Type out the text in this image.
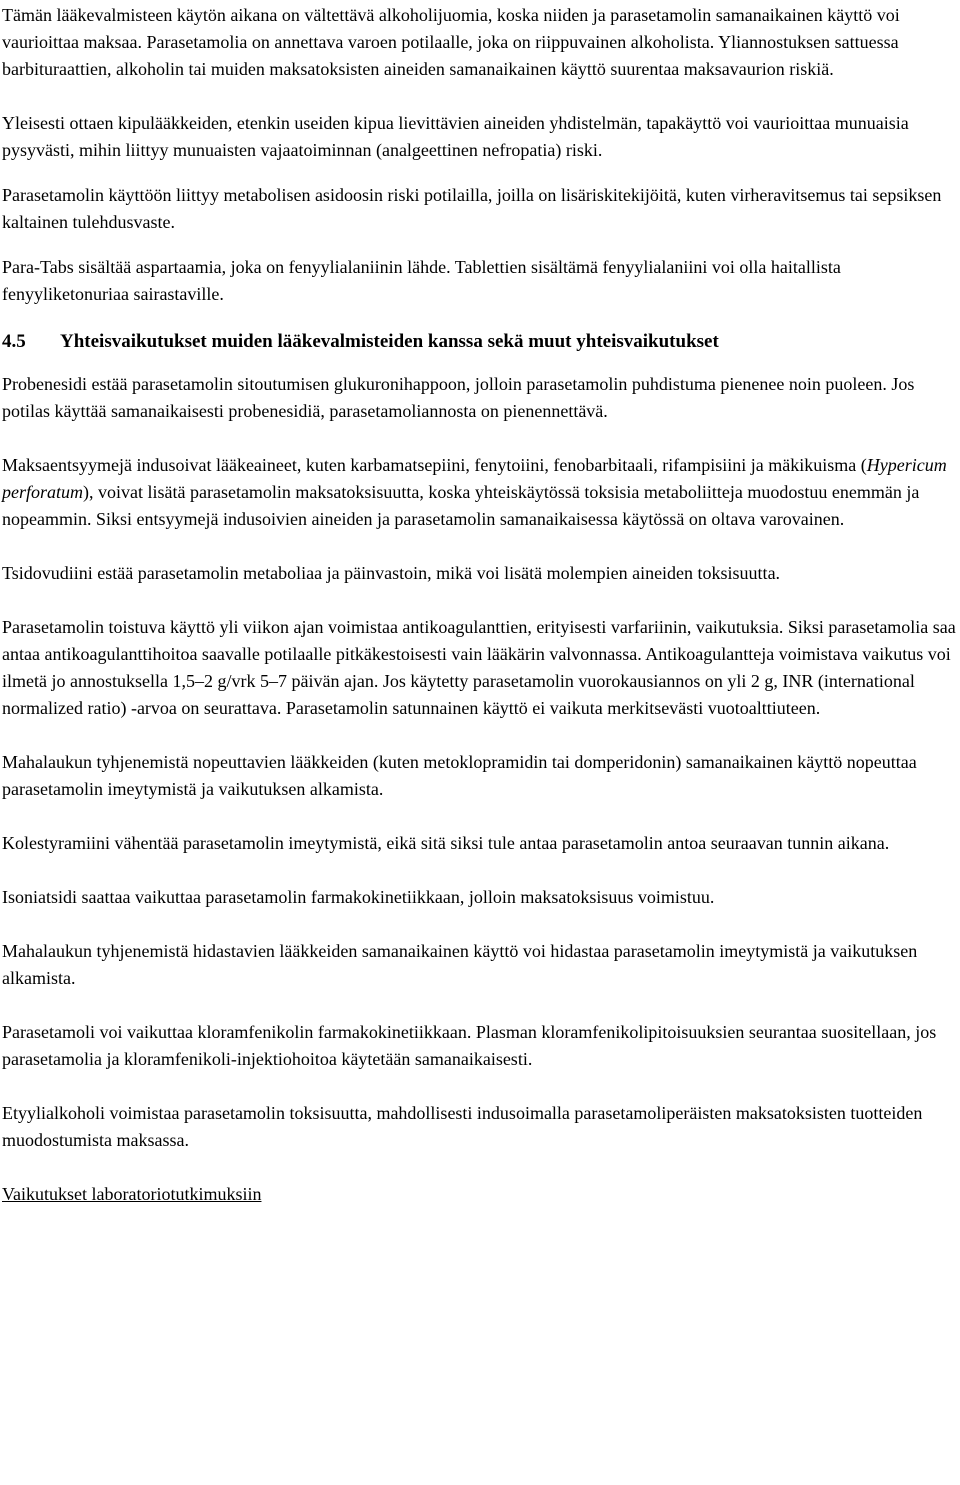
Tämän lääkevalmisteen käytön aikana on vältettävä alkoholijuomia, koska niiden ja parasetamolin samanaikainen käyttö voi vaurioittaa maksaa. Parasetamolia on annettava varoen potilaalle, joka on riippuvainen alkoholista. Yliannostuksen sattuessa barbituraattien, alkoholin tai muiden maksatoksisten aineiden samanaikainen käyttö suurentaa maksavaurion riskiä.

Yleisesti ottaen kipulääkkeiden, etenkin useiden kipua lievittävien aineiden yhdistelmän, tapakäyttö voi vaurioittaa munuaisia pysyvästi, mihin liittyy munuaisten vajaatoiminnan (analgeettinen nefropatia) riski.

Parasetamolin käyttöön liittyy metabolisen asidoosin riski potilailla, joilla on lisäriskitekijöitä, kuten virheravitsemus tai sepsiksen kaltainen tulehdusvaste.

Para-Tabs sisältää aspartaamia, joka on fenyylialaniinin lähde. Tablettien sisältämä fenyylialaniini voi olla haitallista fenyyliketonuriaa sairastaville.

4.5 Yhteisvaikutukset muiden lääkevalmisteiden kanssa sekä muut yhteisvaikutukset

Probenesidi estää parasetamolin sitoutumisen glukuronihappoon, jolloin parasetamolin puhdistuma pienenee noin puoleen. Jos potilas käyttää samanaikaisesti probenesidiä, parasetamoliannosta on pienennettävä.

Maksaentsyymejä indusoivat lääkeaineet, kuten karbamatsepiini, fenytoiini, fenobarbitaali, rifampisiini ja mäkikuisma (Hypericum perforatum), voivat lisätä parasetamolin maksatoksisuutta, koska yhteiskäytössä toksisia metaboliitteja muodostuu enemmän ja nopeammin. Siksi entsyymejä indusoivien aineiden ja parasetamolin samanaikaisessa käytössä on oltava varovainen.

Tsidovudiini estää parasetamolin metaboliaa ja päinvastoin, mikä voi lisätä molempien aineiden toksisuutta.

Parasetamolin toistuva käyttö yli viikon ajan voimistaa antikoagulanttien, erityisesti varfariinin, vaikutuksia. Siksi parasetamolia saa antaa antikoagulanttihoitoa saavalle potilaalle pitkäkestoisesti vain lääkärin valvonnassa. Antikoagulantteja voimistava vaikutus voi ilmetä jo annostuksella 1,5–2 g/vrk 5–7 päivän ajan. Jos käytetty parasetamolin vuorokausiannos on yli 2 g, INR (international normalized ratio) -arvoa on seurattava. Parasetamolin satunnainen käyttö ei vaikuta merkitsevästi vuotoalttiuteen.

Mahalaukun tyhjenemistä nopeuttavien lääkkeiden (kuten metoklopramidin tai domperidonin) samanaikainen käyttö nopeuttaa parasetamolin imeytymistä ja vaikutuksen alkamista.

Kolestyramiini vähentää parasetamolin imeytymistä, eikä sitä siksi tule antaa parasetamolin antoa seuraavan tunnin aikana.

Isoniatsidi saattaa vaikuttaa parasetamolin farmakokinetiikkaan, jolloin maksatoksisuus voimistuu.

Mahalaukun tyhjenemistä hidastavien lääkkeiden samanaikainen käyttö voi hidastaa parasetamolin imeytymistä ja vaikutuksen alkamista.

Parasetamoli voi vaikuttaa kloramfenikolin farmakokinetiikkaan. Plasman kloramfenikolipitoisuuksien seurantaa suositellaan, jos parasetamolia ja kloramfenikoli-injektiohoitoa käytetään samanaikaisesti.

Etyylialkoholi voimistaa parasetamolin toksisuutta, mahdollisesti indusoimalla parasetamoliperäisten maksatoksisten tuotteiden muodostumista maksassa.

Vaikutukset laboratoriotutkimuksiin
